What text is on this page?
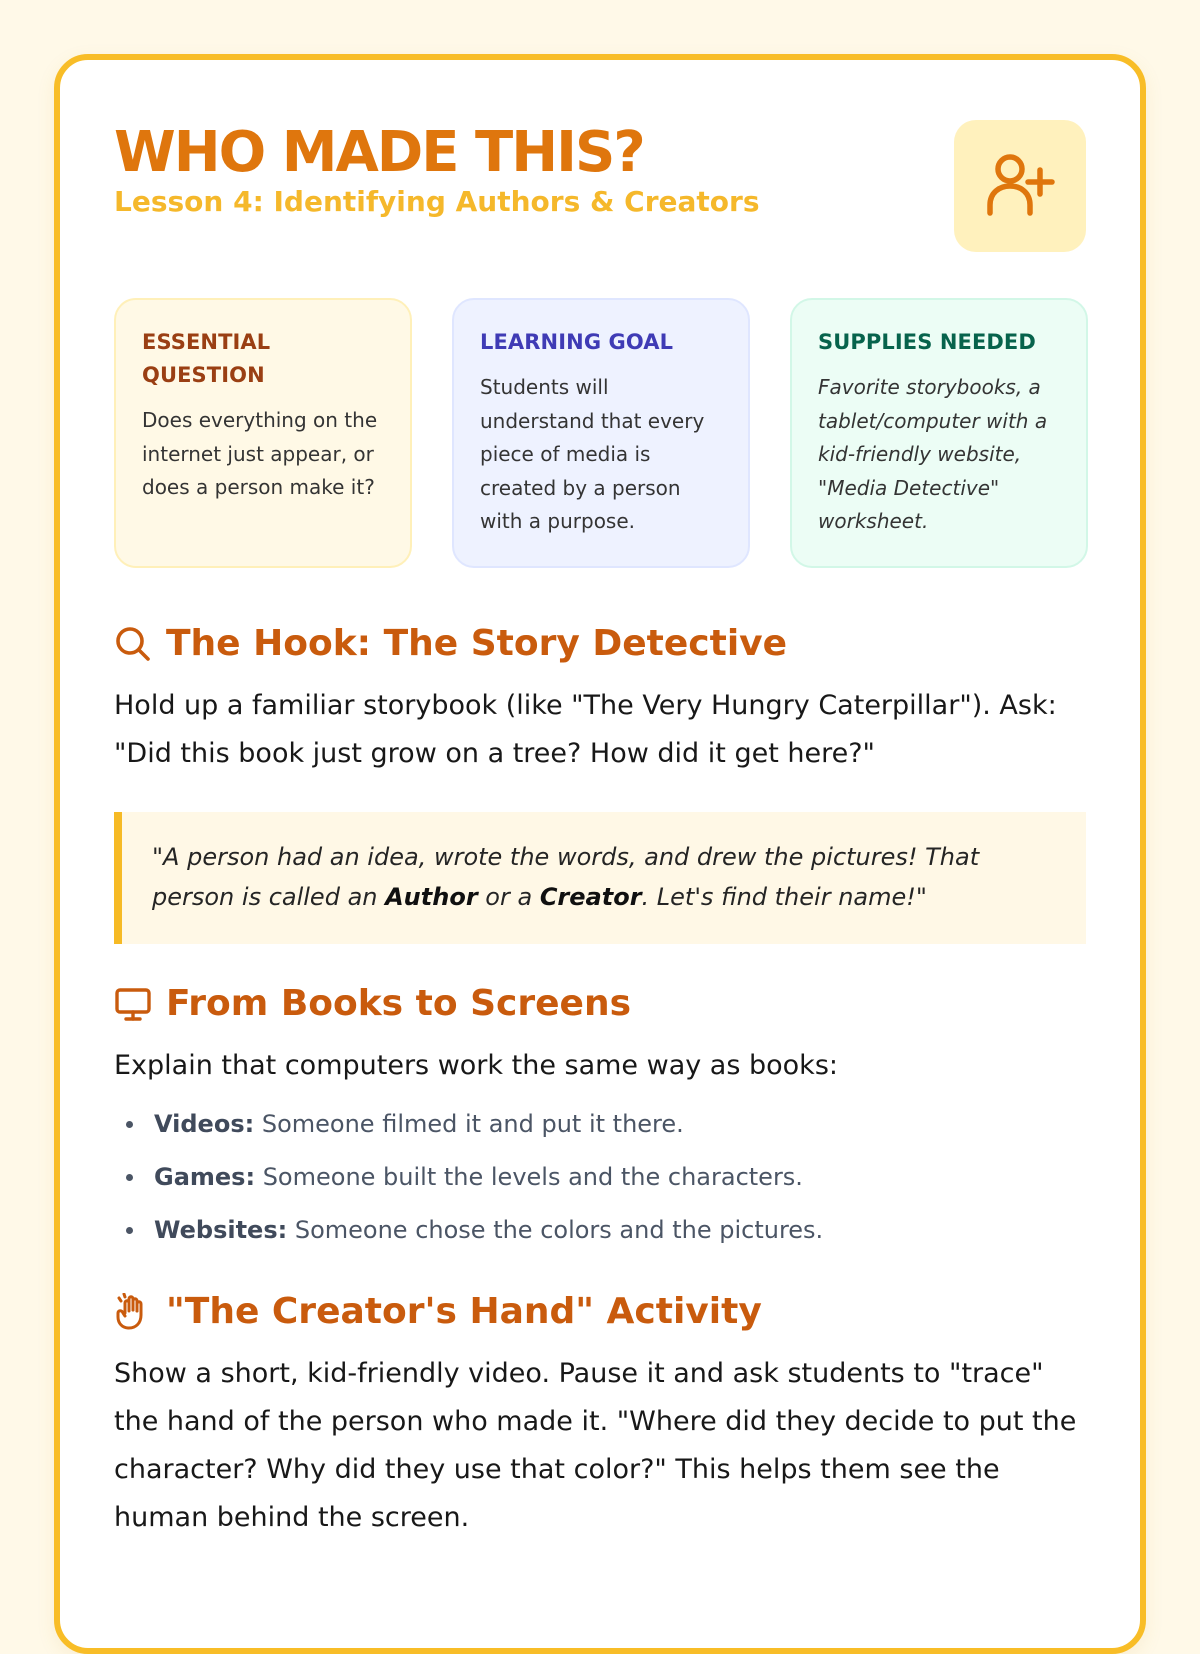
WHO MADE THIS?

Lesson 4: Identifying Authors & Creators

ESSENTIAL QUESTION

Does everything on the internet just appear, or does a person make it?

LEARNING GOAL

Students will understand that every piece of media is created by a person with a purpose.

SUPPLIES NEEDED

Favorite storybooks, a tablet/computer with a kid-friendly website, "Media Detective" worksheet.

The Hook: The Story Detective

Hold up a familiar storybook (like "The Very Hungry Caterpillar"). Ask: "Did this book just grow on a tree? How did it get here?"

"A person had an idea, wrote the words, and drew the pictures! That person is called an Author or a Creator. Let's find their name!"
From Books to Screens

Explain that computers work the same way as books:

Videos: Someone filmed it and put it there.
Games: Someone built the levels and the characters.
Websites: Someone chose the colors and the pictures.
"The Creator's Hand" Activity

Show a short, kid-friendly video. Pause it and ask students to "trace" the hand of the person who made it. "Where did they decide to put the character? Why did they use that color?" This helps them see the human behind the screen.
